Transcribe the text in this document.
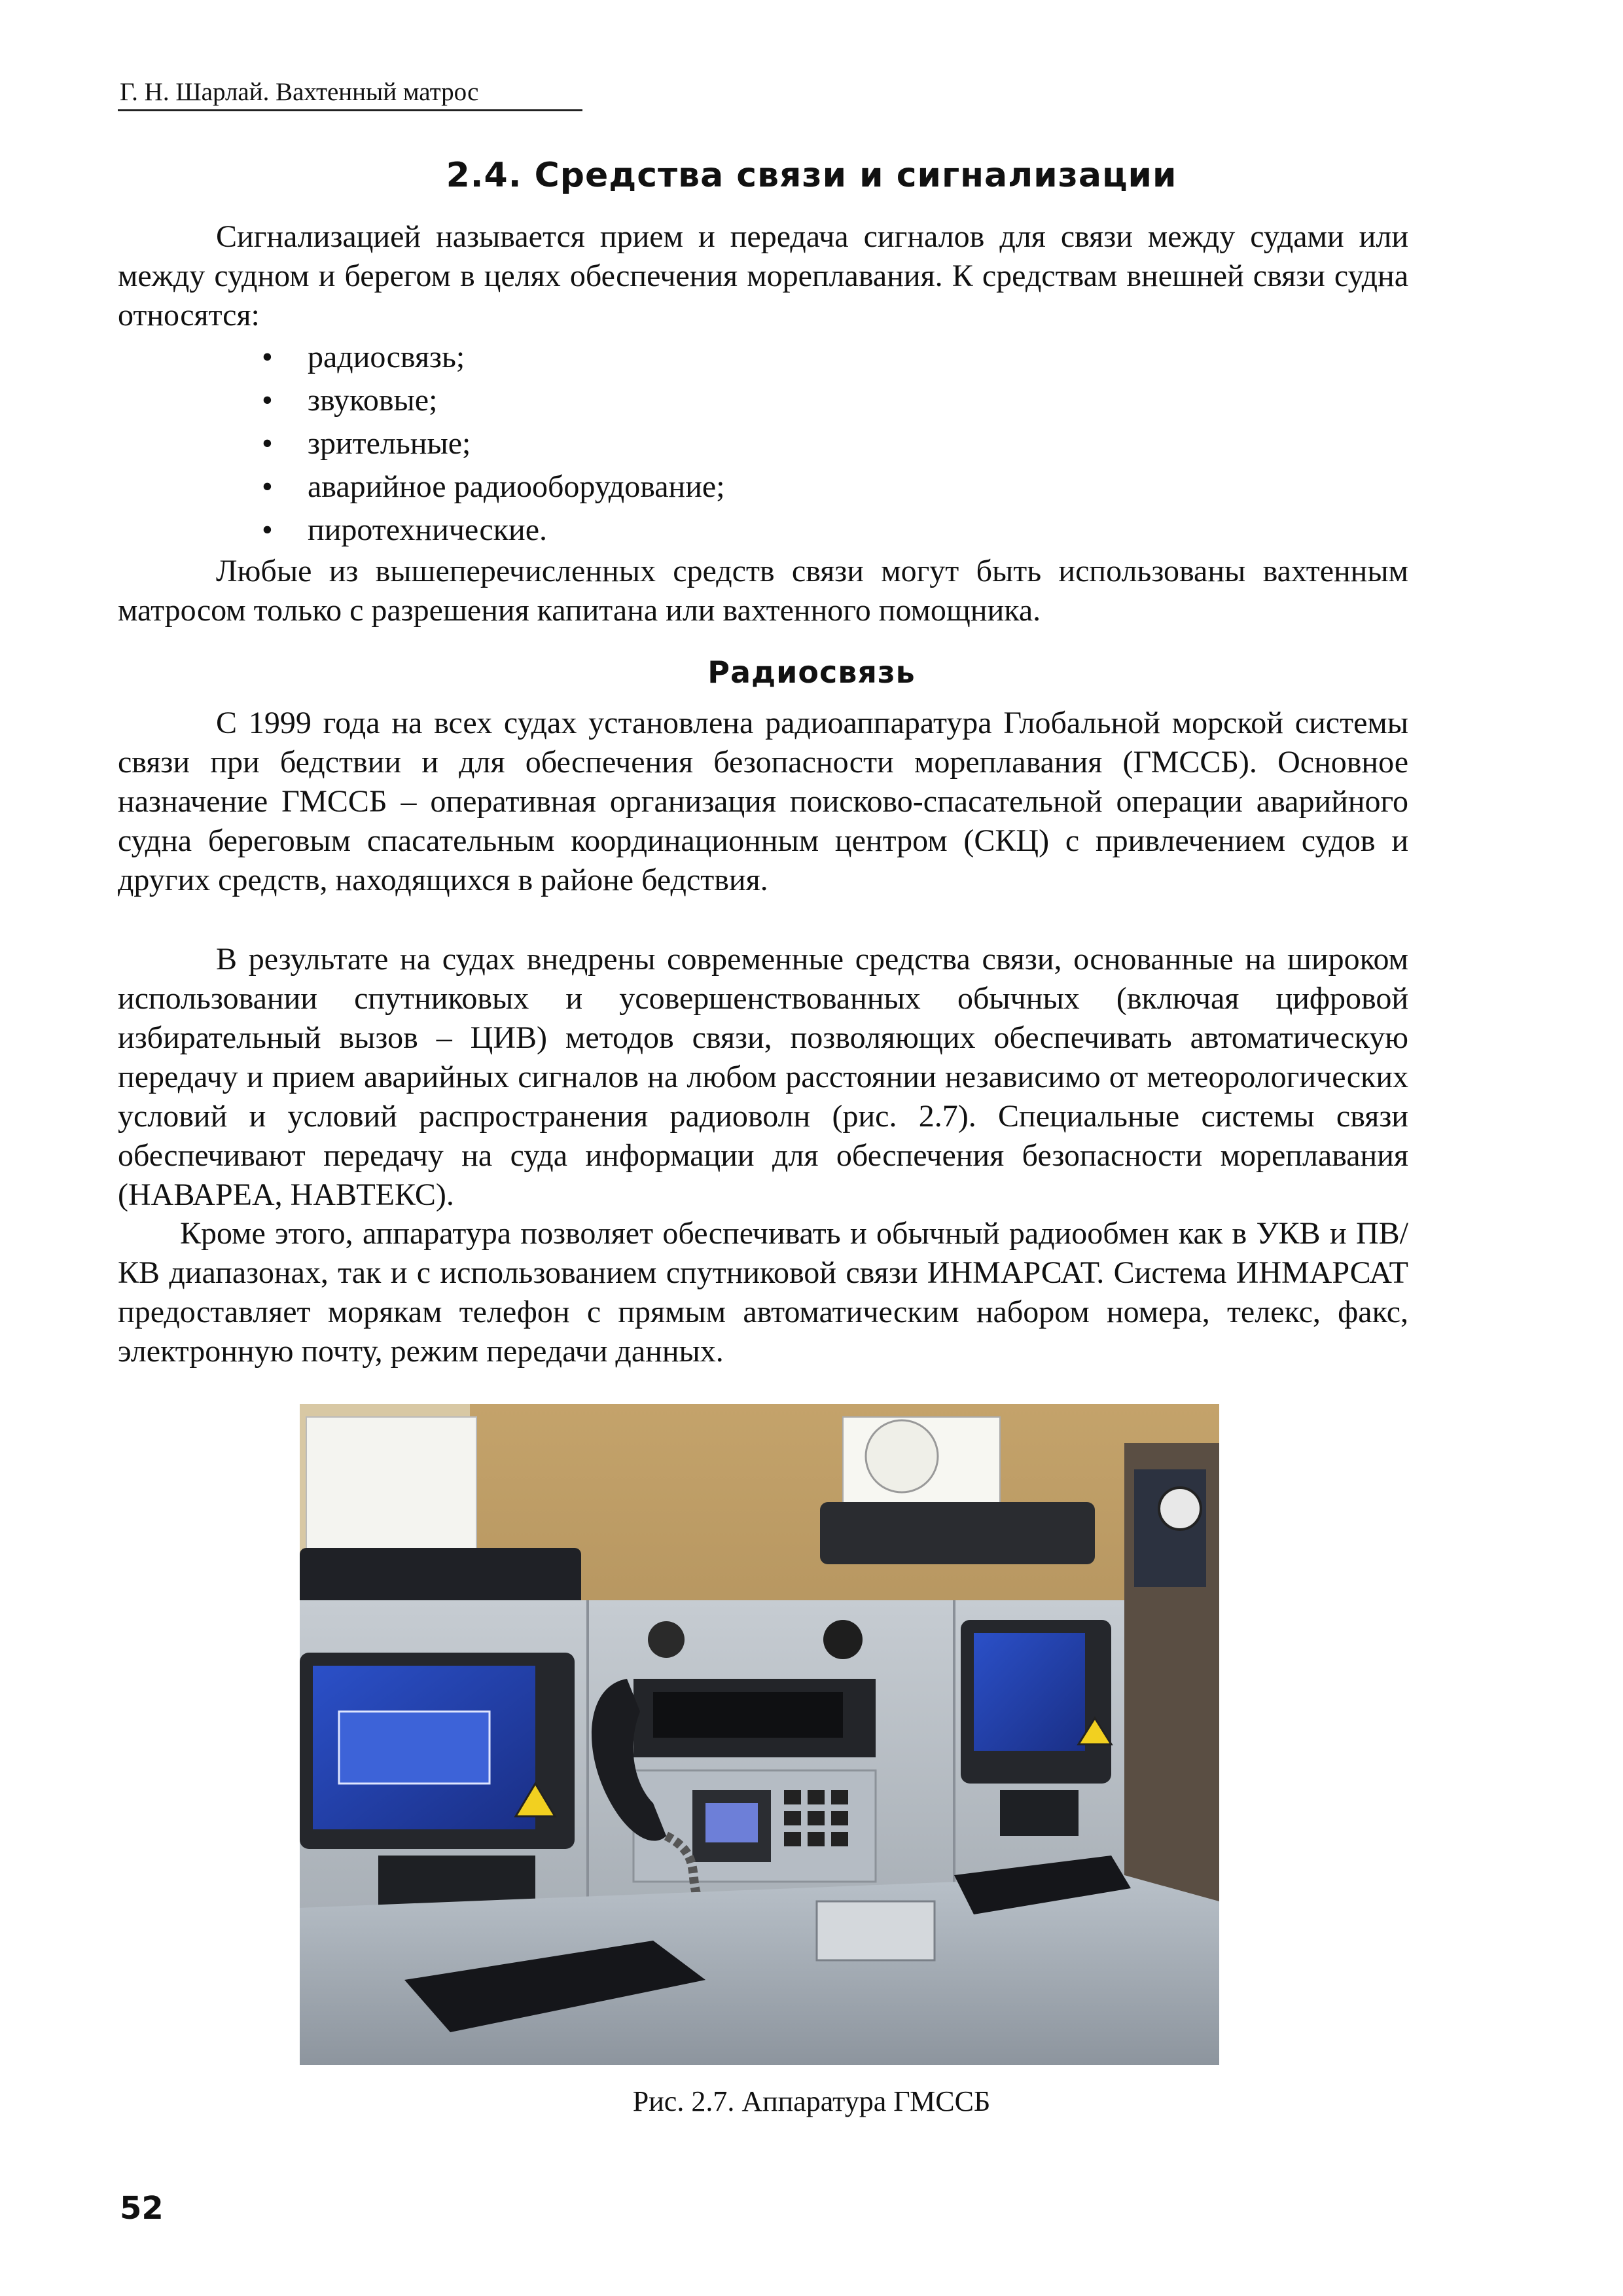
Г. Н. Шарлай. Вахтенный матрос
2.4. Средства связи и сигнализации

Сигнализацией называется прием и передача сигналов для связи между судами или между судном и берегом в целях обеспечения мореплавания. К средствам внешней связи судна относятся:

• радиосвязь;
• звуковые;
• зрительные;
• аварийное радиооборудование;
• пиротехнические.

Любые из вышеперечисленных средств связи могут быть использованы вахтенным матросом только с разрешения капитана или вахтенного помощника.

Радиосвязь

С 1999 года на всех судах установлена радиоаппаратура Глобальной морской системы связи при бедствии и для обеспечения безопасности мореплавания (ГМССБ). Основное назначение ГМССБ – оперативная организация поисково-спасательной операции аварийного судна береговым спасательным координационным центром (СКЦ) с привлечением судов и других средств, находящихся в районе бедствия.

В результате на судах внедрены современные средства связи, основанные на широком использовании спутниковых и усовершенствованных обычных (включая цифровой избирательный вызов – ЦИВ) методов связи, позволяющих обеспечивать автоматическую передачу и прием аварийных сигналов на любом расстоянии независимо от метеорологических условий и условий распространения радиоволн (рис. 2.7). Специальные системы связи обеспечивают передачу на суда информации для обеспечения безопасности мореплавания (НАВАРЕА, НАВТЕКС).

Кроме этого, аппаратура позволяет обеспечивать и обычный радиообмен как в УКВ и ПВ/КВ диапазонах, так и с использованием спутниковой связи ИНМАРСАТ. Система ИНМАРСАТ предоставляет морякам телефон с прямым автоматическим набором номера, телекс, факс, электронную почту, режим передачи данных.

Рис. 2.7. Аппаратура ГМССБ
52
